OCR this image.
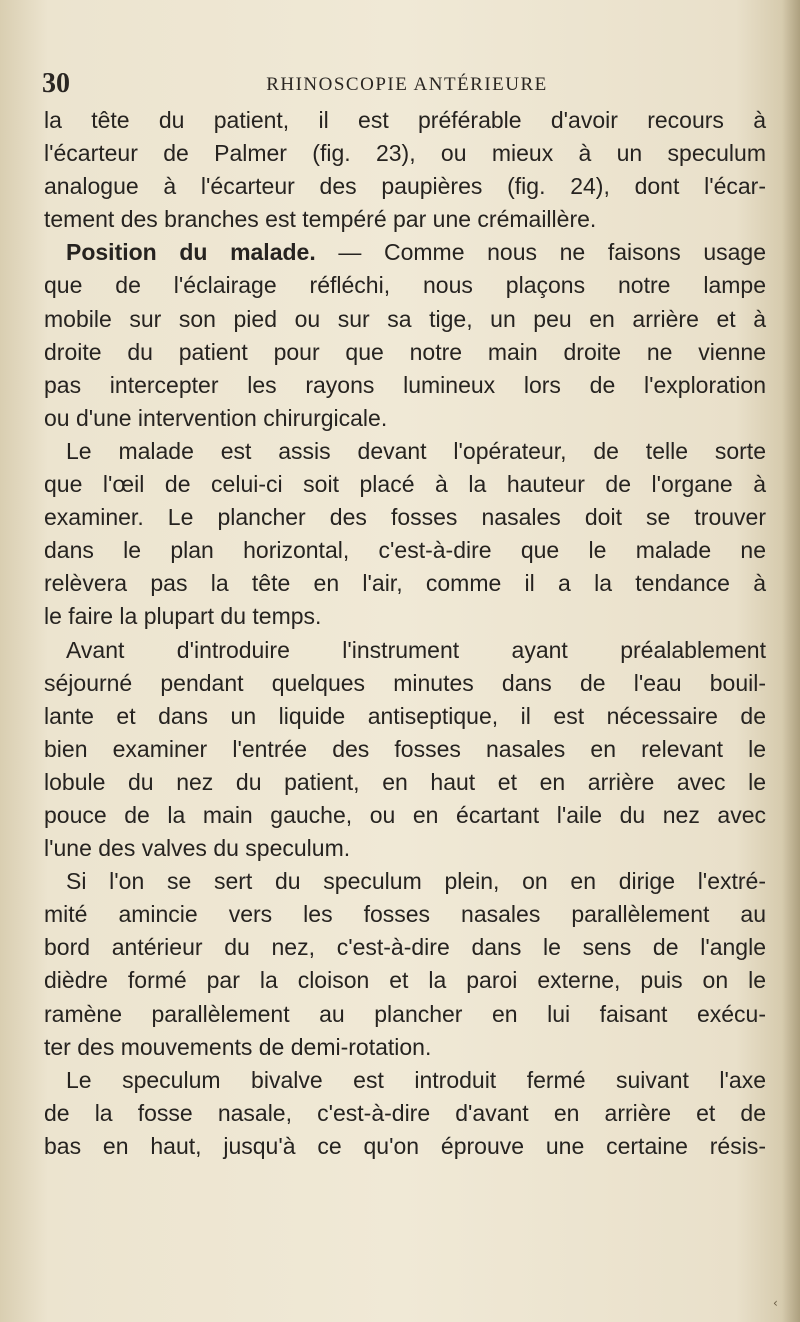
30	RHINOSCOPIE ANTÉRIEURE
la tête du patient, il est préférable d'avoir recours à
l'écarteur de Palmer (fig. 23), ou mieux à un speculum
analogue à l'écarteur des paupières (fig. 24), dont l'écar-
tement des branches est tempéré par une crémaillère.
Position du malade. — Comme nous ne faisons usage
que de l'éclairage réfléchi, nous plaçons notre lampe
mobile sur son pied ou sur sa tige, un peu en arrière et à
droite du patient pour que notre main droite ne vienne
pas intercepter les rayons lumineux lors de l'exploration
ou d'une intervention chirurgicale.
Le malade est assis devant l'opérateur, de telle sorte
que l'œil de celui-ci soit placé à la hauteur de l'organe à
examiner. Le plancher des fosses nasales doit se trouver
dans le plan horizontal, c'est-à-dire que le malade ne
relèvera pas la tête en l'air, comme il a la tendance à
le faire la plupart du temps.
Avant d'introduire l'instrument ayant préalablement
séjourné pendant quelques minutes dans de l'eau bouil-
lante et dans un liquide antiseptique, il est nécessaire de
bien examiner l'entrée des fosses nasales en relevant le
lobule du nez du patient, en haut et en arrière avec le
pouce de la main gauche, ou en écartant l'aile du nez avec
l'une des valves du speculum.
Si l'on se sert du speculum plein, on en dirige l'extré-
mité amincie vers les fosses nasales parallèlement au
bord antérieur du nez, c'est-à-dire dans le sens de l'angle
dièdre formé par la cloison et la paroi externe, puis on le
ramène parallèlement au plancher en lui faisant exécu-
ter des mouvements de demi-rotation.
Le speculum bivalve est introduit fermé suivant l'axe
de la fosse nasale, c'est-à-dire d'avant en arrière et de
bas en haut, jusqu'à ce qu'on éprouve une certaine résis-
‹
